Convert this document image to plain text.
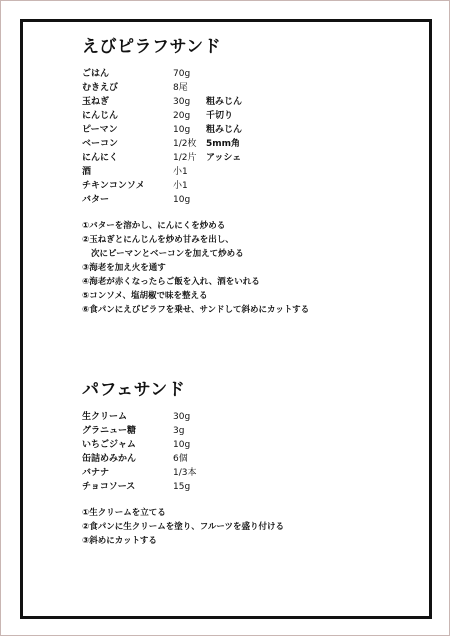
えびピラフサンド
ごはん	70g
むきえび	8尾
玉ねぎ	30g	粗みじん
にんじん	20g	千切り
ピーマン	10g	粗みじん
ベーコン	1/2枚	5mm角
にんにく	1/2片	アッシェ
酒	小1
チキンコンソメ	小1
バター	10g
①バターを溶かし、にんにくを炒める
②玉ねぎとにんじんを炒め甘みを出し、
次にピーマンとベーコンを加えて炒める
③海老を加え火を通す
④海老が赤くなったらご飯を入れ、酒をいれる
⑤コンソメ、塩胡椒で味を整える
⑥食パンにえびピラフを乗せ、サンドして斜めにカットする
パフェサンド
生クリーム	30g
グラニュー糖	3g
いちごジャム	10g
缶詰めみかん	6個
バナナ	1/3本
チョコソース	15g
①生クリームを立てる
②食パンに生クリームを塗り、フルーツを盛り付ける
③斜めにカットする
